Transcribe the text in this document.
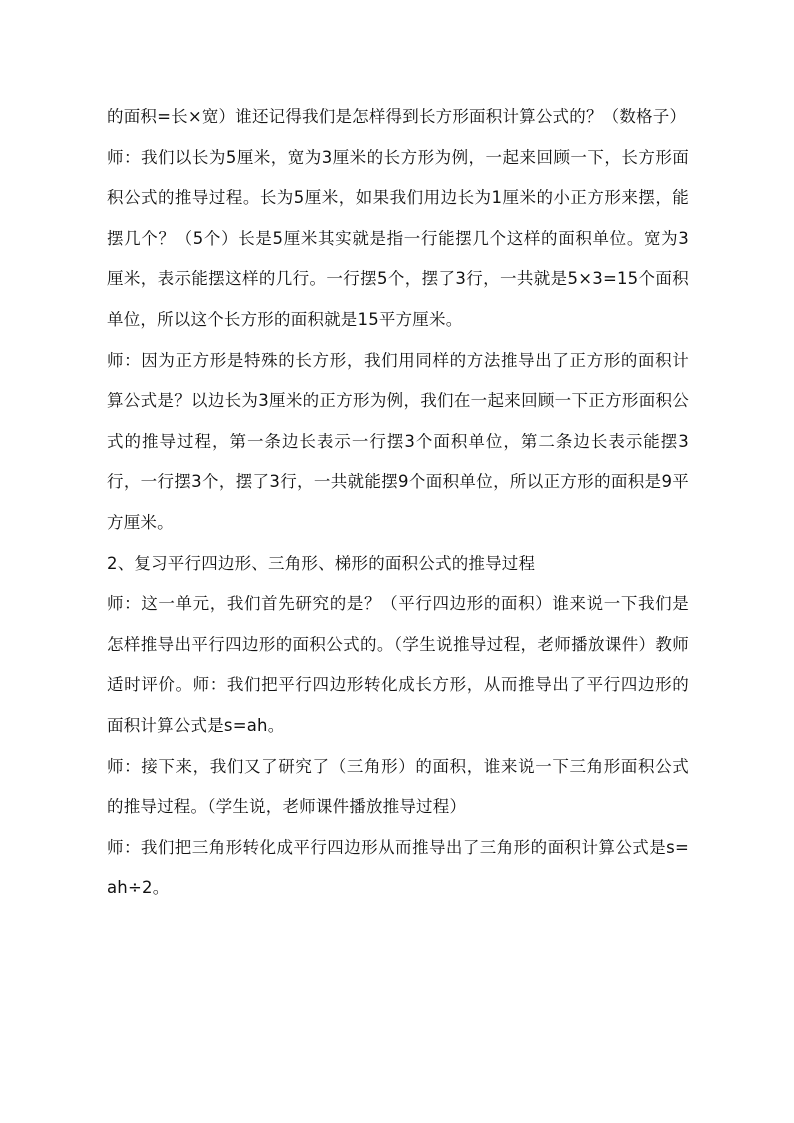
的面积=长×宽）谁还记得我们是怎样得到长方形面积计算公式的？（数格子）

师：我们以长为5厘米，宽为3厘米的长方形为例，一起来回顾一下，长方形面积公式的推导过程。长为5厘米，如果我们用边长为1厘米的小正方形来摆，能摆几个？（5个）长是5厘米其实就是指一行能摆几个这样的面积单位。宽为3厘米，表示能摆这样的几行。一行摆5个，摆了3行，一共就是5×3=15个面积单位，所以这个长方形的面积就是15平方厘米。

师：因为正方形是特殊的长方形，我们用同样的方法推导出了正方形的面积计算公式是？以边长为3厘米的正方形为例，我们在一起来回顾一下正方形面积公式的推导过程，第一条边长表示一行摆3个面积单位，第二条边长表示能摆3行，一行摆3个，摆了3行，一共就能摆9个面积单位，所以正方形的面积是9平方厘米。

2、复习平行四边形、三角形、梯形的面积公式的推导过程

师：这一单元，我们首先研究的是？（平行四边形的面积）谁来说一下我们是怎样推导出平行四边形的面积公式的。（学生说推导过程，老师播放课件）教师适时评价。师：我们把平行四边形转化成长方形，从而推导出了平行四边形的面积计算公式是s=ah。

师：接下来，我们又了研究了（三角形）的面积，谁来说一下三角形面积公式的推导过程。（学生说，老师课件播放推导过程）

师：我们把三角形转化成平行四边形从而推导出了三角形的面积计算公式是s=ah÷2。
